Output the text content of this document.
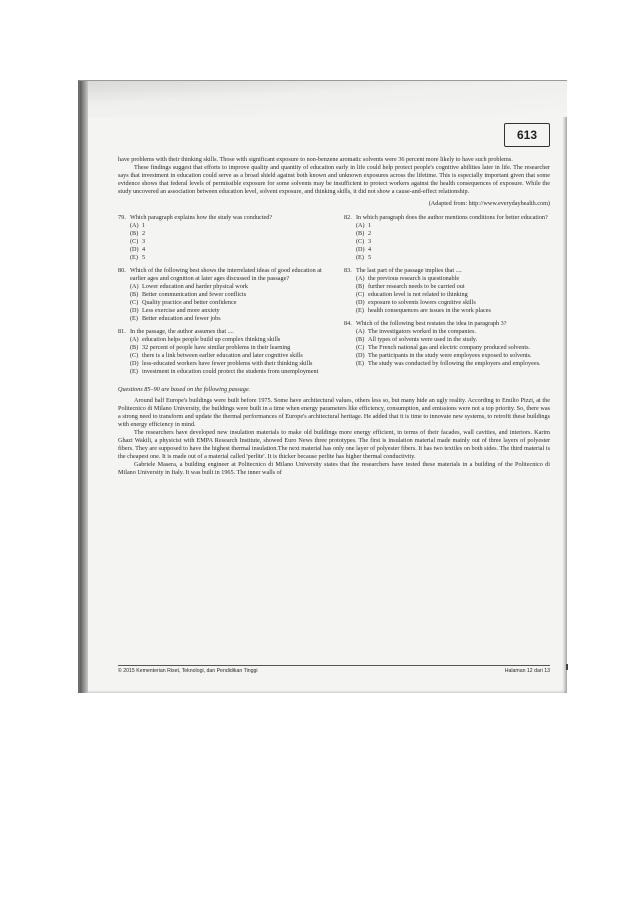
613

have problems with their thinking skills. Those with significant exposure to non-benzene aromatic solvents were 36 percent more likely to have such problems.

These findings suggest that efforts to improve quality and quantity of education early in life could help protect people's cognitive abilities later in life. The researcher says that investment in education could serve as a broad shield against both known and unknown exposures across the lifetime. This is especially important given that some evidence shows that federal levels of permissible exposure for some solvents may be insufficient to protect workers against the health consequences of exposure. While the study uncovered an association between education level, solvent exposure, and thinking skills, it did not show a cause-and-effect relationship.

(Adapted from: http://www.everydayhealth.com)

79. Which paragraph explains how the study was conducted?
(A) 1
(B) 2
(C) 3
(D) 4
(E) 5
80. Which of the following best shows the interrelated ideas of good education at earlier ages and cognition at later ages discussed in the passage?
(A) Lower education and harder physical work
(B) Better communication and fewer conflicts
(C) Quality practice and better confidence
(D) Less exercise and more anxiety
(E) Better education and fewer jobs
81. In the passage, the author assumes that ....
(A) education helps people build up complex thinking skills
(B) 32 percent of people have similar problems in their learning
(C) there is a link between earlier education and later cognitive skills
(D) less-educated workers have fewer problems with their thinking skills
(E) investment in education could protect the students from unemployment
82. In which paragraph does the author mentions conditions for better education?
(A) 1
(B) 2
(C) 3
(D) 4
(E) 5
83. The last part of the passage implies that ....
(A) the previous research is questionable
(B) further research needs to be carried out
(C) education level is not related to thinking
(D) exposure to solvents lowers cognitive skills
(E) health consequences are issues in the work places
84. Which of the following best restates the idea in paragraph 3?
(A) The investigators worked in the companies.
(B) All types of solvents were used in the study.
(C) The French national gas and electric company produced solvents.
(D) The participants in the study were employees exposed to solvents.
(E) The study was conducted by following the employers and employees.

Questions 85–90 are based on the following passage.

Around half Europe's buildings were built before 1975. Some have architectural values, others less so, but many hide an ugly reality. According to Emilio Pizzi, at the Politecnico di Milano University, the buildings were built in a time when energy parameters like efficiency, consumption, and emissions were not a top priority. So, there was a strong need to transform and update the thermal performances of Europe's architectural heritage. He added that it is time to innovate new systems, to retrofit these buildings with energy efficiency in mind.

The researchers have developed new insulation materials to make old buildings more energy efficient, in terms of their facades, wall cavities, and interiors. Karim Ghazi Wakili, a physicist with EMPA Research Institute, showed Euro News three prototypes. The first is insulation material made mainly out of three layers of polyester fibers. They are supposed to have the highest thermal insulation.The next material has only one layer of polyester fibers. It has two textiles on both sides. The third material is the cheapest one. It is made out of a material called 'perlite'. It is thicker because perlite has higher thermal conductivity.

Gabriele Masera, a building engineer at Politecnico di Milano University states that the researchers have tested these materials in a building of the Politecnico di Milano University in Italy. It was built in 1965. The inner walls of

© 2015 Kementerian Riset, Teknologi, dan Pendidikan Tinggi	Halaman 12 dari 13
